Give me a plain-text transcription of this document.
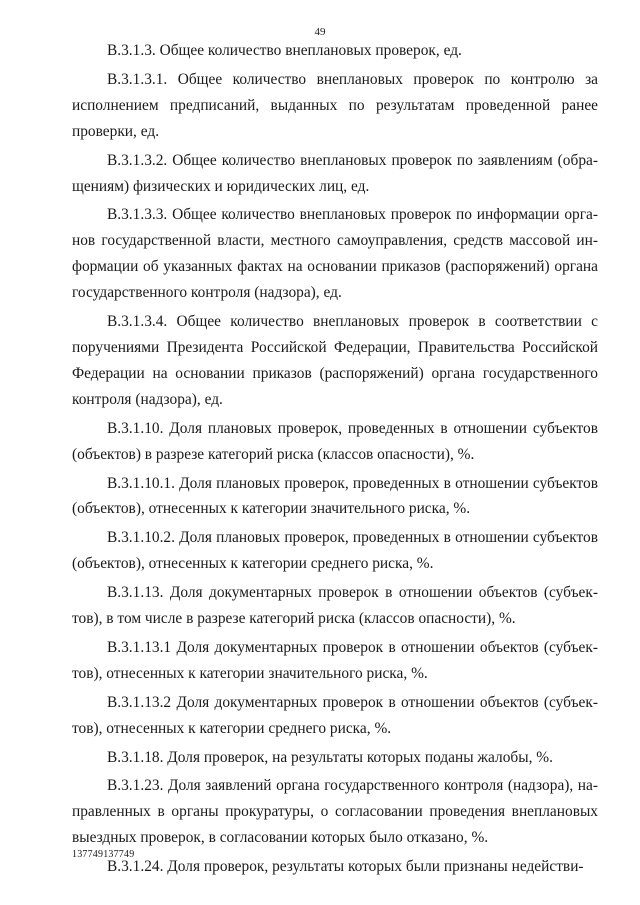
49

В.3.1.3. Общее количество внеплановых проверок, ед.

В.3.1.3.1. Общее количество внеплановых проверок по контролю за исполнением предписаний, выданных по результатам проведенной ранее проверки, ед.

В.3.1.3.2. Общее количество внеплановых проверок по заявлениям (обращениям) физических и юридических лиц, ед.

В.3.1.3.3. Общее количество внеплановых проверок по информации органов государственной власти, местного самоуправления, средств массовой информации об указанных фактах на основании приказов (распоряжений) органа государственного контроля (надзора), ед.

В.3.1.3.4. Общее количество внеплановых проверок в соответствии с поручениями Президента Российской Федерации, Правительства Российской Федерации на основании приказов (распоряжений) органа государственного контроля (надзора), ед.

В.3.1.10. Доля плановых проверок, проведенных в отношении субъектов (объектов) в разрезе категорий риска (классов опасности), %.

В.3.1.10.1. Доля плановых проверок, проведенных в отношении субъектов (объектов), отнесенных к категории значительного риска, %.

В.3.1.10.2. Доля плановых проверок, проведенных в отношении субъектов (объектов), отнесенных к категории среднего риска, %.

В.3.1.13. Доля документарных проверок в отношении объектов (субъектов), в том числе в разрезе категорий риска (классов опасности), %.

В.3.1.13.1 Доля документарных проверок в отношении объектов (субъектов), отнесенных к категории значительного риска, %.

В.3.1.13.2 Доля документарных проверок в отношении объектов (субъектов), отнесенных к категории среднего риска, %.

В.3.1.18. Доля проверок, на результаты которых поданы жалобы, %.

В.3.1.23. Доля заявлений органа государственного контроля (надзора), направленных в органы прокуратуры, о согласовании проведения внеплановых выездных проверок, в согласовании которых было отказано, %.

В.3.1.24. Доля проверок, результаты которых были признаны недействи-

137749137749
